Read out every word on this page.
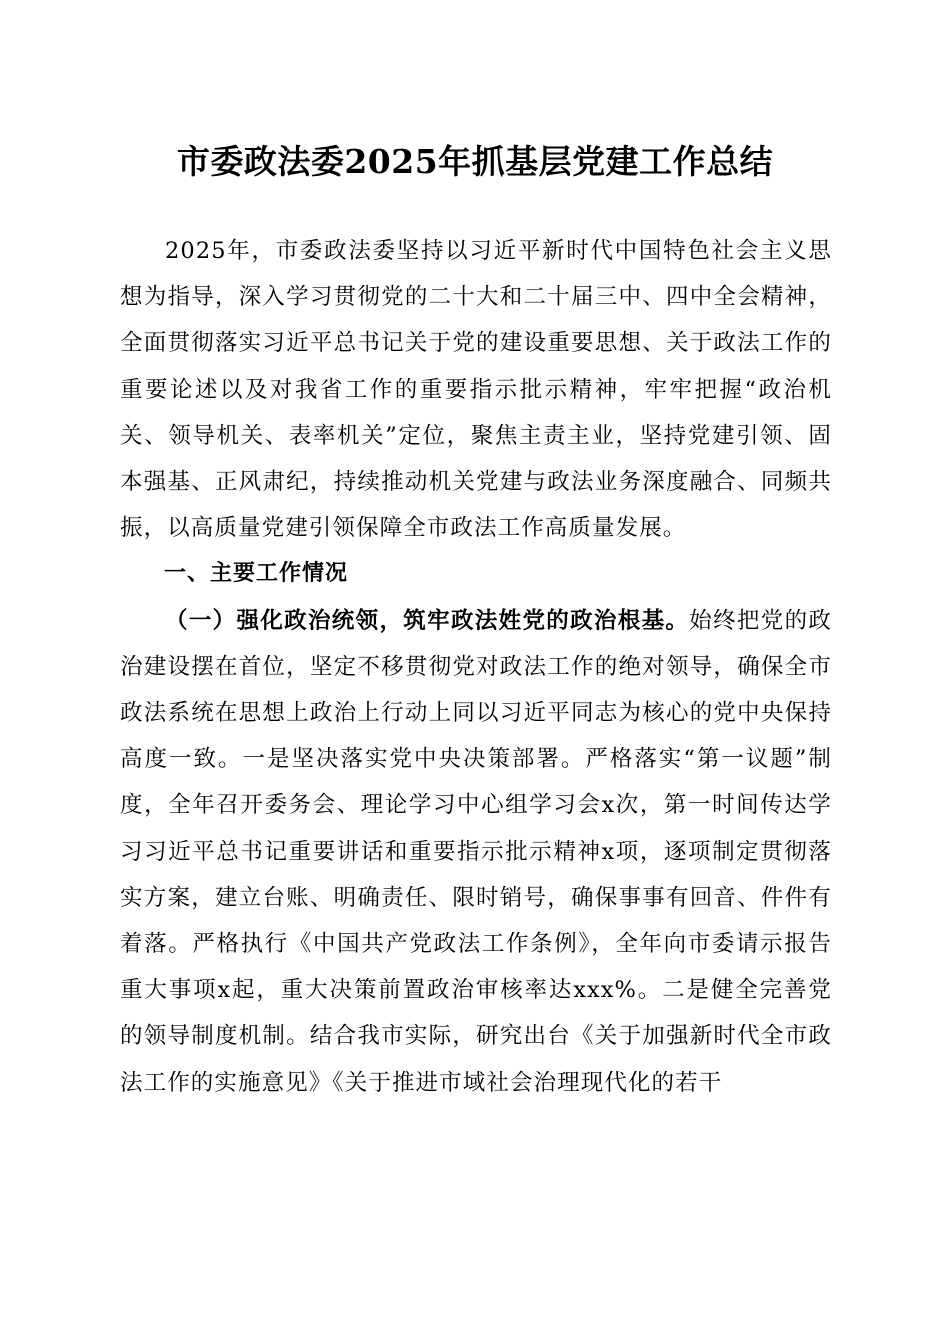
市委政法委2025年抓基层党建工作总结

2025年，市委政法委坚持以习近平新时代中国特色社会主义思想为指导，深入学习贯彻党的二十大和二十届三中、四中全会精神，全面贯彻落实习近平总书记关于党的建设重要思想、关于政法工作的重要论述以及对我省工作的重要指示批示精神，牢牢把握“政治机关、领导机关、表率机关”定位，聚焦主责主业，坚持党建引领、固本强基、正风肃纪，持续推动机关党建与政法业务深度融合、同频共振，以高质量党建引领保障全市政法工作高质量发展。

一、主要工作情况

（一）强化政治统领，筑牢政法姓党的政治根基。始终把党的政治建设摆在首位，坚定不移贯彻党对政法工作的绝对领导，确保全市政法系统在思想上政治上行动上同以习近平同志为核心的党中央保持高度一致。一是坚决落实党中央决策部署。严格落实“第一议题”制度，全年召开委务会、理论学习中心组学习会x次，第一时间传达学习习近平总书记重要讲话和重要指示批示精神x项，逐项制定贯彻落实方案，建立台账、明确责任、限时销号，确保事事有回音、件件有着落。严格执行《中国共产党政法工作条例》，全年向市委请示报告重大事项x起，重大决策前置政治审核率达xxx%。二是健全完善党的领导制度机制。结合我市实际，研究出台《关于加强新时代全市政法工作的实施意见》《关于推进市域社会治理现代化的若干
